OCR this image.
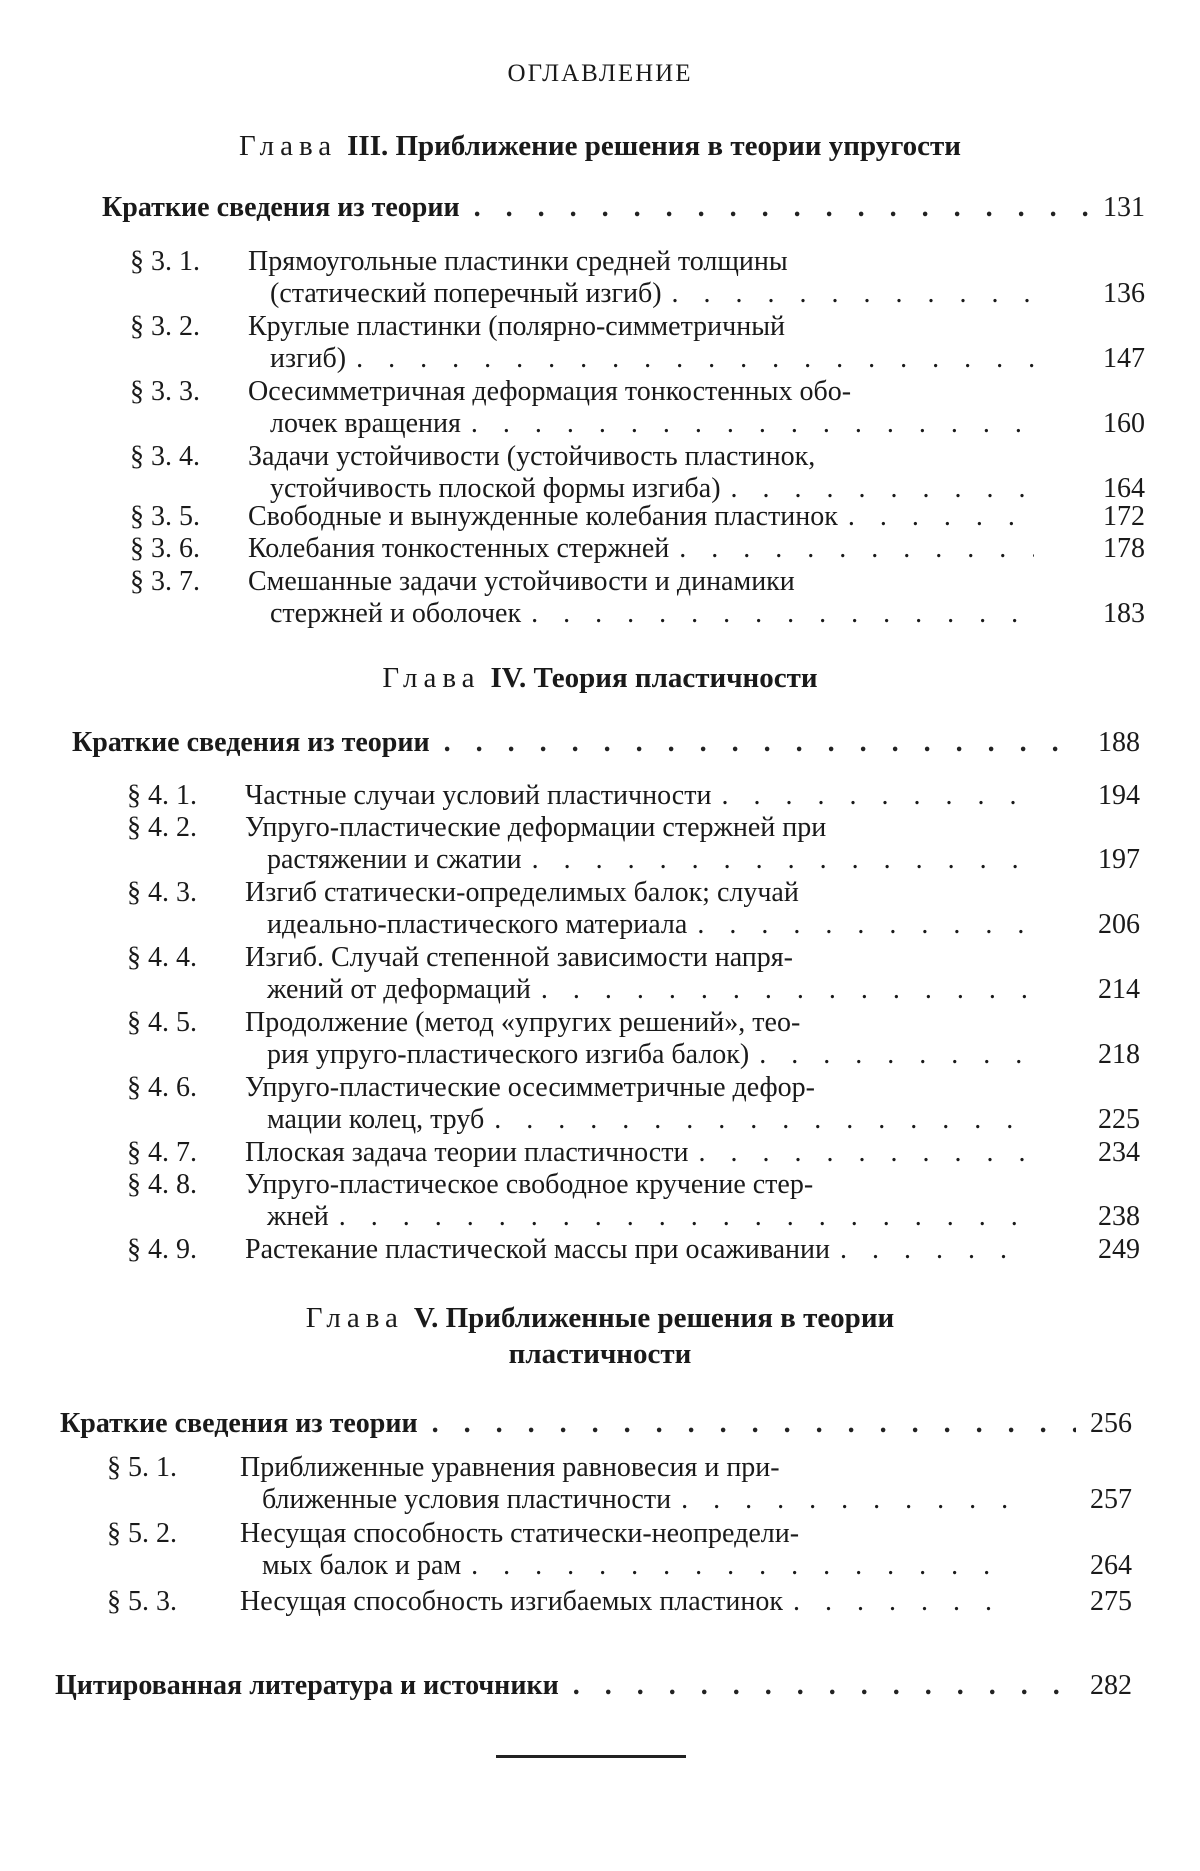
ОГЛАВЛЕНИЕ
Глава III. Приближение решения в теории упругости
Краткие сведения из теории . . .	131
§ 3. 1. Прямоугольные пластинки средней толщины
(статический поперечный изгиб) . . .	136
§ 3. 2. Круглые пластинки (полярно-симметричный
изгиб) . . .	147
§ 3. 3. Осесимметричная деформация тонкостенных обо-
лочек вращения . . .	160
§ 3. 4. Задачи устойчивости (устойчивость пластинок,
устойчивость плоской формы изгиба) . . .	164
§ 3. 5. Свободные и вынужденные колебания пластинок . . .	172
§ 3. 6. Колебания тонкостенных стержней . . .	178
§ 3. 7. Смешанные задачи устойчивости и динамики
стержней и оболочек . . .	183
Глава IV. Теория пластичности
Краткие сведения из теории . . .	188
§ 4. 1. Частные случаи условий пластичности . . .	194
§ 4. 2. Упруго-пластические деформации стержней при
растяжении и сжатии . . .	197
§ 4. 3. Изгиб статически-определимых балок; случай
идеально-пластического материала . . .	206
§ 4. 4. Изгиб. Случай степенной зависимости напря-
жений от деформаций . . .	214
§ 4. 5. Продолжение (метод «упругих решений», тео-
рия упруго-пластического изгиба балок) . . .	218
§ 4. 6. Упруго-пластические осесимметричные дефор-
мации колец, труб . . .	225
§ 4. 7. Плоская задача теории пластичности . . .	234
§ 4. 8. Упруго-пластическое свободное кручение стер-
жней . . .	238
§ 4. 9. Растекание пластической массы при осаживании . . .	249
Глава V. Приближенные решения в теории
пластичности
Краткие сведения из теории . . .	256
§ 5. 1. Приближенные уравнения равновесия и при-
ближенные условия пластичности . . .	257
§ 5. 2. Несущая способность статически-неопредели-
мых балок и рам . . .	264
§ 5. 3. Несущая способность изгибаемых пластинок . . .	275
Цитированная литература и источники . . .	282
